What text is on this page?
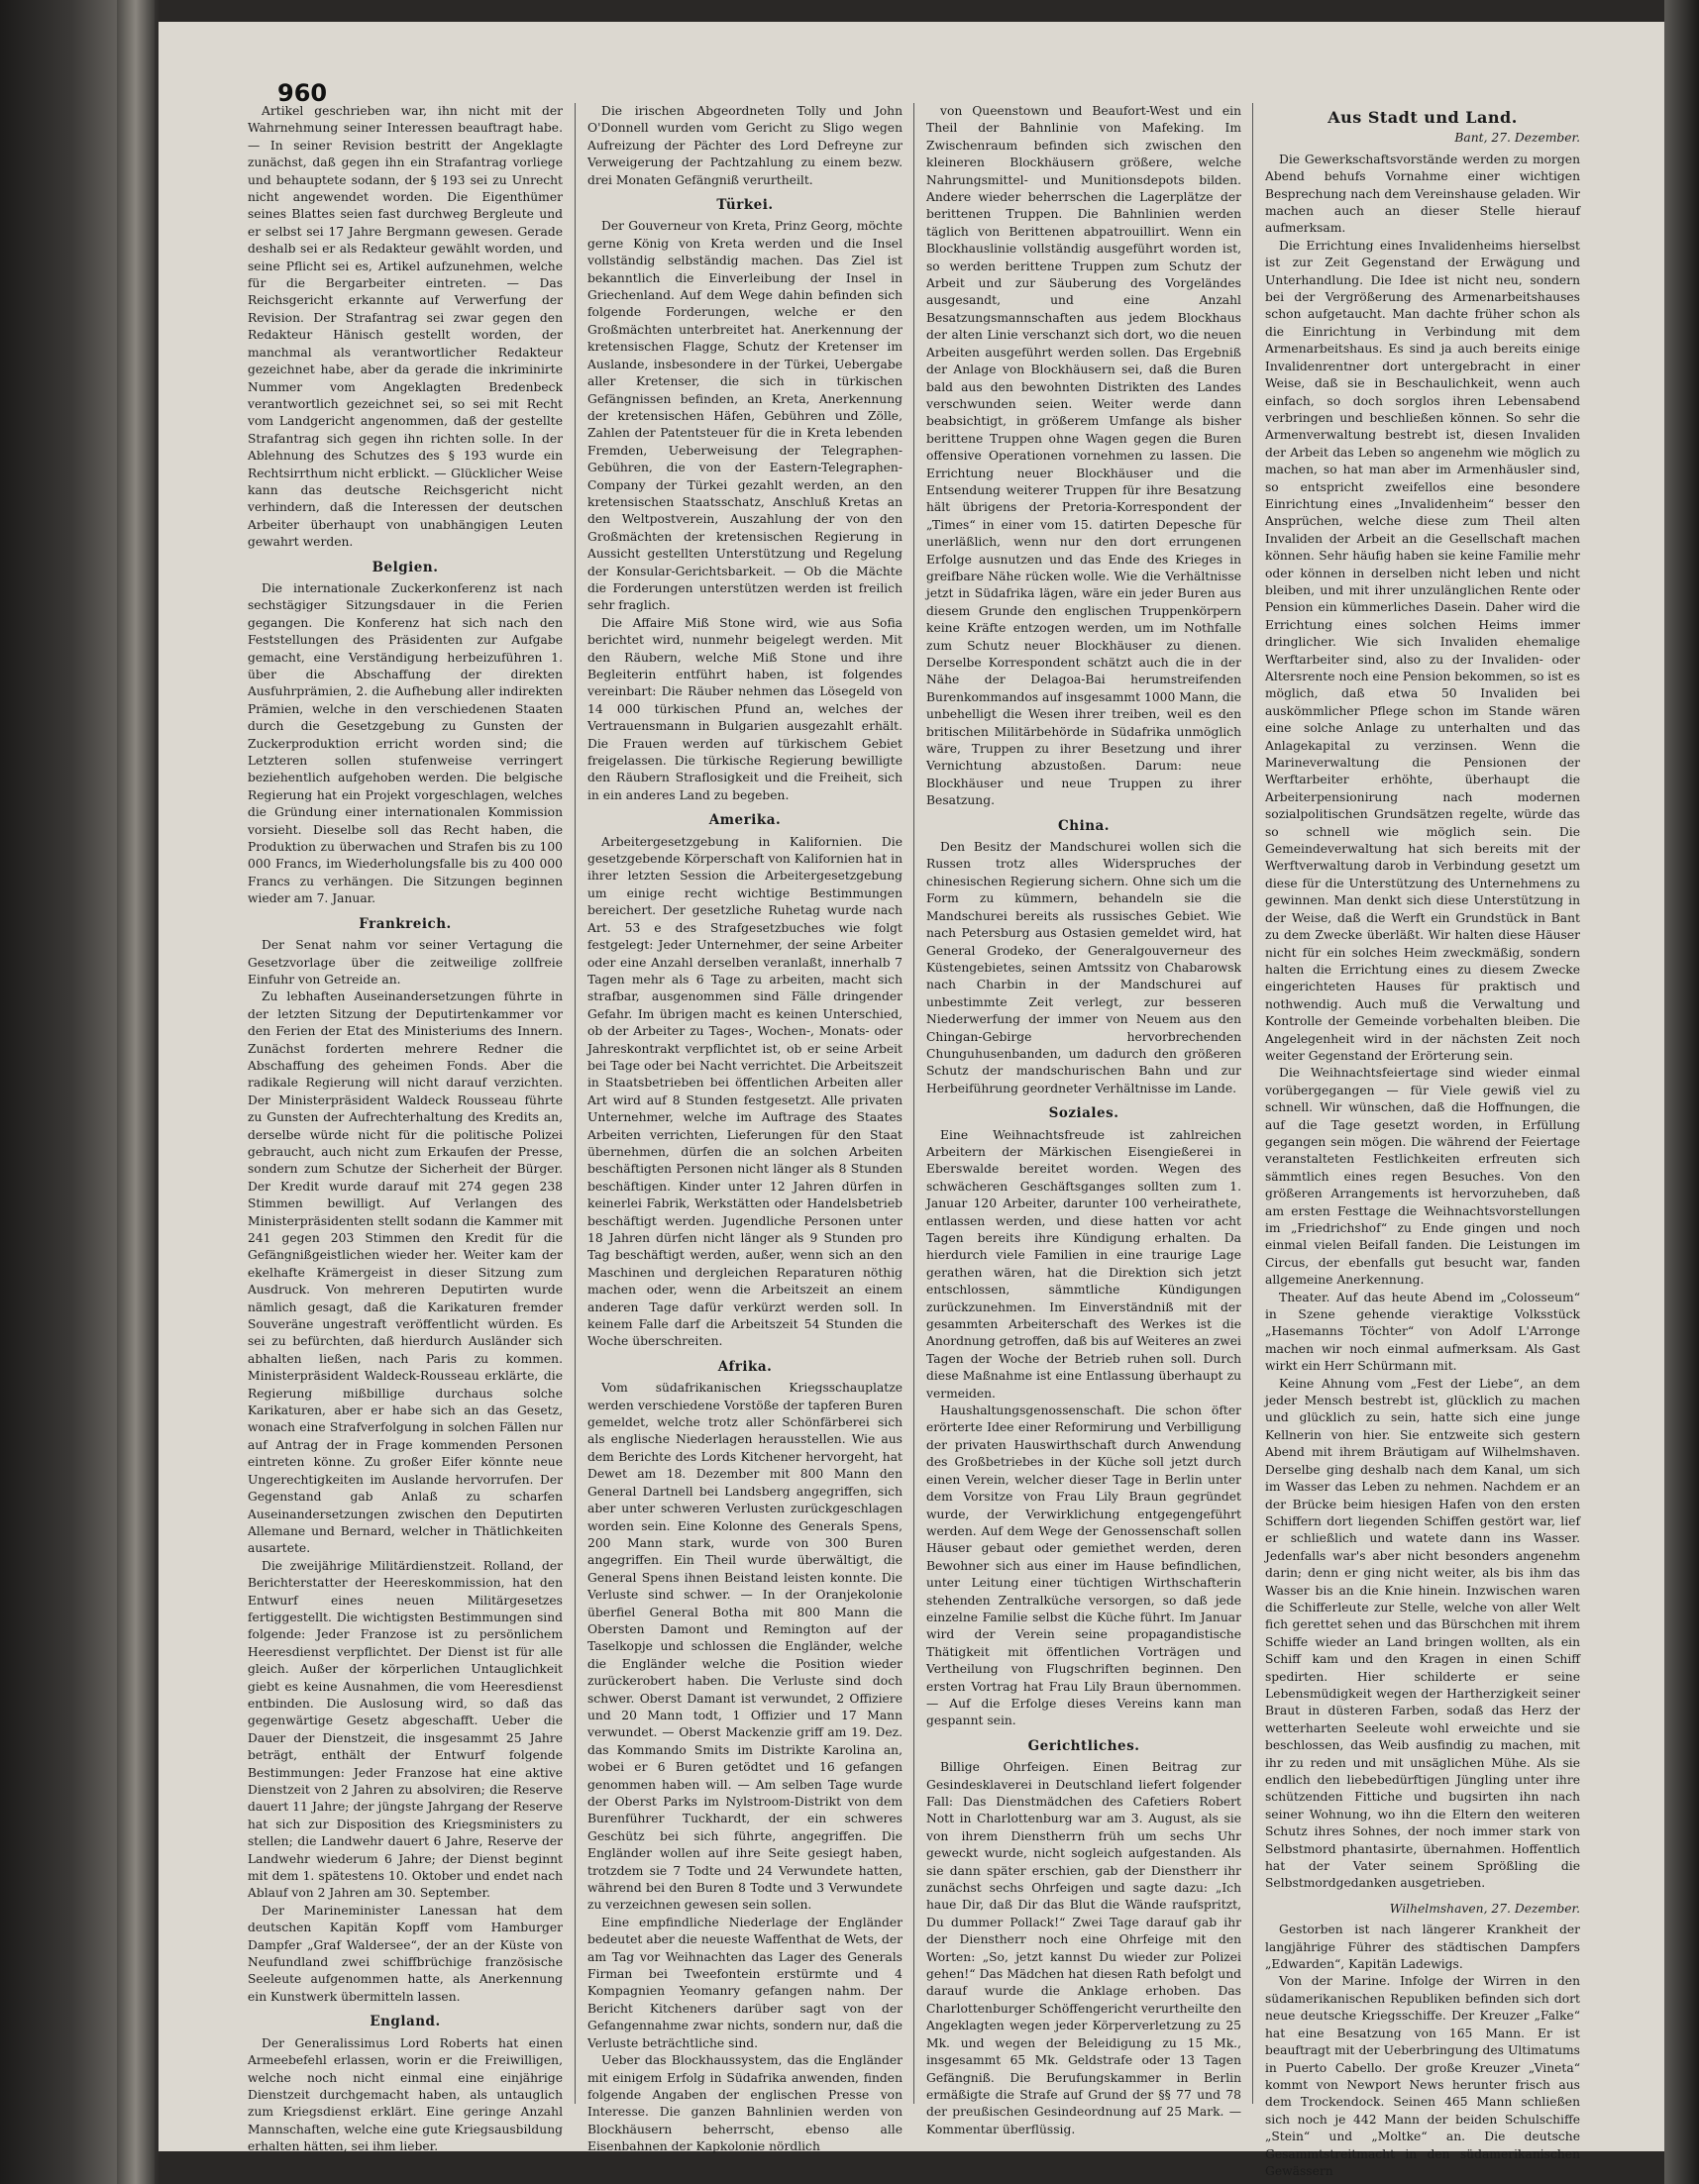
960

Artikel geschrieben war, ihn nicht mit der Wahrnehmung seiner Interessen beauftragt habe. — In seiner Revision bestritt der Angeklagte zunächst, daß gegen ihn ein Strafantrag vorliege und behauptete sodann, der § 193 sei zu Unrecht nicht angewendet worden. Die Eigenthümer seines Blattes seien fast durchweg Bergleute und er selbst sei 17 Jahre Bergmann gewesen. Gerade deshalb sei er als Redakteur gewählt worden, und seine Pflicht sei es, Artikel aufzunehmen, welche für die Bergarbeiter eintreten. — Das Reichsgericht erkannte auf Verwerfung der Revision. Der Strafantrag sei zwar gegen den Redakteur Hänisch gestellt worden, der manchmal als verantwortlicher Redakteur gezeichnet habe, aber da gerade die inkriminirte Nummer vom Angeklagten Bredenbeck verantwortlich gezeichnet sei, so sei mit Recht vom Landgericht angenommen, daß der gestellte Strafantrag sich gegen ihn richten solle. In der Ablehnung des Schutzes des § 193 wurde ein Rechtsirrthum nicht erblickt. — Glücklicher Weise kann das deutsche Reichsgericht nicht verhindern, daß die Interessen der deutschen Arbeiter überhaupt von unabhängigen Leuten gewahrt werden.

Belgien.

Die internationale Zuckerkonferenz ist nach sechstägiger Sitzungsdauer in die Ferien gegangen. Die Konferenz hat sich nach den Feststellungen des Präsidenten zur Aufgabe gemacht, eine Verständigung herbeizuführen 1. über die Abschaffung der direkten Ausfuhrprämien, 2. die Aufhebung aller indirekten Prämien, welche in den verschiedenen Staaten durch die Gesetzgebung zu Gunsten der Zuckerproduktion erricht worden sind; die Letzteren sollen stufenweise verringert beziehentlich aufgehoben werden. Die belgische Regierung hat ein Projekt vorgeschlagen, welches die Gründung einer internationalen Kommission vorsieht. Dieselbe soll das Recht haben, die Produktion zu überwachen und Strafen bis zu 100 000 Francs, im Wiederholungsfalle bis zu 400 000 Francs zu verhängen. Die Sitzungen beginnen wieder am 7. Januar.

Frankreich.

Der Senat nahm vor seiner Vertagung die Gesetzvorlage über die zeitweilige zollfreie Einfuhr von Getreide an.

Zu lebhaften Auseinandersetzungen führte in der letzten Sitzung der Deputirtenkammer vor den Ferien der Etat des Ministeriums des Innern. Zunächst forderten mehrere Redner die Abschaffung des geheimen Fonds. Aber die radikale Regierung will nicht darauf verzichten. Der Ministerpräsident Waldeck Rousseau führte zu Gunsten der Aufrechterhaltung des Kredits an, derselbe würde nicht für die politische Polizei gebraucht, auch nicht zum Erkaufen der Presse, sondern zum Schutze der Sicherheit der Bürger. Der Kredit wurde darauf mit 274 gegen 238 Stimmen bewilligt. Auf Verlangen des Ministerpräsidenten stellt sodann die Kammer mit 241 gegen 203 Stimmen den Kredit für die Gefängnißgeistlichen wieder her. Weiter kam der ekelhafte Krämergeist in dieser Sitzung zum Ausdruck. Von mehreren Deputirten wurde nämlich gesagt, daß die Karikaturen fremder Souveräne ungestraft veröffentlicht würden. Es sei zu befürchten, daß hierdurch Ausländer sich abhalten ließen, nach Paris zu kommen. Ministerpräsident Waldeck-Rousseau erklärte, die Regierung mißbillige durchaus solche Karikaturen, aber er habe sich an das Gesetz, wonach eine Strafverfolgung in solchen Fällen nur auf Antrag der in Frage kommenden Personen eintreten könne. Zu großer Eifer könnte neue Ungerechtigkeiten im Auslande hervorrufen. Der Gegenstand gab Anlaß zu scharfen Auseinandersetzungen zwischen den Deputirten Allemane und Bernard, welcher in Thätlichkeiten ausartete.

Die zweijährige Militärdienstzeit. Rolland, der Berichterstatter der Heereskommission, hat den Entwurf eines neuen Militärgesetzes fertiggestellt. Die wichtigsten Bestimmungen sind folgende: Jeder Franzose ist zu persönlichem Heeresdienst verpflichtet. Der Dienst ist für alle gleich. Außer der körperlichen Untauglichkeit giebt es keine Ausnahmen, die vom Heeresdienst entbinden. Die Auslosung wird, so daß das gegenwärtige Gesetz abgeschafft. Ueber die Dauer der Dienstzeit, die insgesammt 25 Jahre beträgt, enthält der Entwurf folgende Bestimmungen: Jeder Franzose hat eine aktive Dienstzeit von 2 Jahren zu absolviren; die Reserve dauert 11 Jahre; der jüngste Jahrgang der Reserve hat sich zur Disposition des Kriegsministers zu stellen; die Landwehr dauert 6 Jahre, Reserve der Landwehr wiederum 6 Jahre; der Dienst beginnt mit dem 1. spätestens 10. Oktober und endet nach Ablauf von 2 Jahren am 30. September.

Der Marineminister Lanessan hat dem deutschen Kapitän Kopff vom Hamburger Dampfer „Graf Waldersee“, der an der Küste von Neufundland zwei schiffbrüchige französische Seeleute aufgenommen hatte, als Anerkennung ein Kunstwerk übermitteln lassen.

England.

Der Generalissimus Lord Roberts hat einen Armeebefehl erlassen, worin er die Freiwilligen, welche noch nicht einmal eine einjährige Dienstzeit durchgemacht haben, als untauglich zum Kriegsdienst erklärt. Eine geringe Anzahl Mannschaften, welche eine gute Kriegsausbildung erhalten hätten, sei ihm lieber.

Die irischen Abgeordneten Tolly und John O'Donnell wurden vom Gericht zu Sligo wegen Aufreizung der Pächter des Lord Defreyne zur Verweigerung der Pachtzahlung zu einem bezw. drei Monaten Gefängniß verurtheilt.

Türkei.

Der Gouverneur von Kreta, Prinz Georg, möchte gerne König von Kreta werden und die Insel vollständig selbständig machen. Das Ziel ist bekanntlich die Einverleibung der Insel in Griechenland. Auf dem Wege dahin befinden sich folgende Forderungen, welche er den Großmächten unterbreitet hat. Anerkennung der kretensischen Flagge, Schutz der Kretenser im Auslande, insbesondere in der Türkei, Uebergabe aller Kretenser, die sich in türkischen Gefängnissen befinden, an Kreta, Anerkennung der kretensischen Häfen, Gebühren und Zölle, Zahlen der Patentsteuer für die in Kreta lebenden Fremden, Ueberweisung der Telegraphen-Gebühren, die von der Eastern-Telegraphen-Company der Türkei gezahlt werden, an den kretensischen Staatsschatz, Anschluß Kretas an den Weltpostverein, Auszahlung der von den Großmächten der kretensischen Regierung in Aussicht gestellten Unterstützung und Regelung der Konsular-Gerichtsbarkeit. — Ob die Mächte die Forderungen unterstützen werden ist freilich sehr fraglich.

Die Affaire Miß Stone wird, wie aus Sofia berichtet wird, nunmehr beigelegt werden. Mit den Räubern, welche Miß Stone und ihre Begleiterin entführt haben, ist folgendes vereinbart: Die Räuber nehmen das Lösegeld von 14 000 türkischen Pfund an, welches der Vertrauensmann in Bulgarien ausgezahlt erhält. Die Frauen werden auf türkischem Gebiet freigelassen. Die türkische Regierung bewilligte den Räubern Straflosigkeit und die Freiheit, sich in ein anderes Land zu begeben.

Amerika.

Arbeitergesetzgebung in Kalifornien. Die gesetzgebende Körperschaft von Kalifornien hat in ihrer letzten Session die Arbeitergesetzgebung um einige recht wichtige Bestimmungen bereichert. Der gesetzliche Ruhetag wurde nach Art. 53 e des Strafgesetzbuches wie folgt festgelegt: Jeder Unternehmer, der seine Arbeiter oder eine Anzahl derselben veranlaßt, innerhalb 7 Tagen mehr als 6 Tage zu arbeiten, macht sich strafbar, ausgenommen sind Fälle dringender Gefahr. Im übrigen macht es keinen Unterschied, ob der Arbeiter zu Tages-, Wochen-, Monats- oder Jahreskontrakt verpflichtet ist, ob er seine Arbeit bei Tage oder bei Nacht verrichtet. Die Arbeitszeit in Staatsbetrieben bei öffentlichen Arbeiten aller Art wird auf 8 Stunden festgesetzt. Alle privaten Unternehmer, welche im Auftrage des Staates Arbeiten verrichten, Lieferungen für den Staat übernehmen, dürfen die an solchen Arbeiten beschäftigten Personen nicht länger als 8 Stunden beschäftigen. Kinder unter 12 Jahren dürfen in keinerlei Fabrik, Werkstätten oder Handelsbetrieb beschäftigt werden. Jugendliche Personen unter 18 Jahren dürfen nicht länger als 9 Stunden pro Tag beschäftigt werden, außer, wenn sich an den Maschinen und dergleichen Reparaturen nöthig machen oder, wenn die Arbeitszeit an einem anderen Tage dafür verkürzt werden soll. In keinem Falle darf die Arbeitszeit 54 Stunden die Woche überschreiten.

Afrika.

Vom südafrikanischen Kriegsschauplatze werden verschiedene Vorstöße der tapferen Buren gemeldet, welche trotz aller Schönfärberei sich als englische Niederlagen herausstellen. Wie aus dem Berichte des Lords Kitchener hervorgeht, hat Dewet am 18. Dezember mit 800 Mann den General Dartnell bei Landsberg angegriffen, sich aber unter schweren Verlusten zurückgeschlagen worden sein. Eine Kolonne des Generals Spens, 200 Mann stark, wurde von 300 Buren angegriffen. Ein Theil wurde überwältigt, die General Spens ihnen Beistand leisten konnte. Die Verluste sind schwer. — In der Oranjekolonie überfiel General Botha mit 800 Mann die Obersten Damont und Remington auf der Taselkopje und schlossen die Engländer, welche die Engländer welche die Position wieder zurückerobert haben. Die Verluste sind doch schwer. Oberst Damant ist verwundet, 2 Offiziere und 20 Mann todt, 1 Offizier und 17 Mann verwundet. — Oberst Mackenzie griff am 19. Dez. das Kommando Smits im Distrikte Karolina an, wobei er 6 Buren getödtet und 16 gefangen genommen haben will. — Am selben Tage wurde der Oberst Parks im Nylstroom-Distrikt von dem Burenführer Tuckhardt, der ein schweres Geschütz bei sich führte, angegriffen. Die Engländer wollen auf ihre Seite gesiegt haben, trotzdem sie 7 Todte und 24 Verwundete hatten, während bei den Buren 8 Todte und 3 Verwundete zu verzeichnen gewesen sein sollen.

Eine empfindliche Niederlage der Engländer bedeutet aber die neueste Waffenthat de Wets, der am Tag vor Weihnachten das Lager des Generals Firman bei Tweefontein erstürmte und 4 Kompagnien Yeomanry gefangen nahm. Der Bericht Kitcheners darüber sagt von der Gefangennahme zwar nichts, sondern nur, daß die Verluste beträchtliche sind.

Ueber das Blockhaussystem, das die Engländer mit einigem Erfolg in Südafrika anwenden, finden folgende Angaben der englischen Presse von Interesse. Die ganzen Bahnlinien werden von Blockhäusern beherrscht, ebenso alle Eisenbahnen der Kapkolonie nördlich

von Queenstown und Beaufort-West und ein Theil der Bahnlinie von Mafeking. Im Zwischenraum befinden sich zwischen den kleineren Blockhäusern größere, welche Nahrungsmittel- und Munitionsdepots bilden. Andere wieder beherrschen die Lagerplätze der berittenen Truppen. Die Bahnlinien werden täglich von Berittenen abpatrouillirt. Wenn ein Blockhauslinie vollständig ausgeführt worden ist, so werden berittene Truppen zum Schutz der Arbeit und zur Säuberung des Vorgeländes ausgesandt, und eine Anzahl Besatzungsmannschaften aus jedem Blockhaus der alten Linie verschanzt sich dort, wo die neuen Arbeiten ausgeführt werden sollen. Das Ergebniß der Anlage von Blockhäusern sei, daß die Buren bald aus den bewohnten Distrikten des Landes verschwunden seien. Weiter werde dann beabsichtigt, in größerem Umfange als bisher berittene Truppen ohne Wagen gegen die Buren offensive Operationen vornehmen zu lassen. Die Errichtung neuer Blockhäuser und die Entsendung weiterer Truppen für ihre Besatzung hält übrigens der Pretoria-Korrespondent der „Times“ in einer vom 15. datirten Depesche für unerläßlich, wenn nur den dort errungenen Erfolge ausnutzen und das Ende des Krieges in greifbare Nähe rücken wolle. Wie die Verhältnisse jetzt in Südafrika lägen, wäre ein jeder Buren aus diesem Grunde den englischen Truppenkörpern keine Kräfte entzogen werden, um im Nothfalle zum Schutz neuer Blockhäuser zu dienen. Derselbe Korrespondent schätzt auch die in der Nähe der Delagoa-Bai herumstreifenden Burenkommandos auf insgesammt 1000 Mann, die unbehelligt die Wesen ihrer treiben, weil es den britischen Militärbehörde in Südafrika unmöglich wäre, Truppen zu ihrer Besetzung und ihrer Vernichtung abzustoßen. Darum: neue Blockhäuser und neue Truppen zu ihrer Besatzung.

China.

Den Besitz der Mandschurei wollen sich die Russen trotz alles Widerspruches der chinesischen Regierung sichern. Ohne sich um die Form zu kümmern, behandeln sie die Mandschurei bereits als russisches Gebiet. Wie nach Petersburg aus Ostasien gemeldet wird, hat General Grodeko, der Generalgouverneur des Küstengebietes, seinen Amtssitz von Chabarowsk nach Charbin in der Mandschurei auf unbestimmte Zeit verlegt, zur besseren Niederwerfung der immer von Neuem aus den Chingan-Gebirge hervorbrechenden Chunguhusenbanden, um dadurch den größeren Schutz der mandschurischen Bahn und zur Herbeiführung geordneter Verhältnisse im Lande.

Soziales.

Eine Weihnachtsfreude ist zahlreichen Arbeitern der Märkischen Eisengießerei in Eberswalde bereitet worden. Wegen des schwächeren Geschäftsganges sollten zum 1. Januar 120 Arbeiter, darunter 100 verheirathete, entlassen werden, und diese hatten vor acht Tagen bereits ihre Kündigung erhalten. Da hierdurch viele Familien in eine traurige Lage gerathen wären, hat die Direktion sich jetzt entschlossen, sämmtliche Kündigungen zurückzunehmen. Im Einverständniß mit der gesammten Arbeiterschaft des Werkes ist die Anordnung getroffen, daß bis auf Weiteres an zwei Tagen der Woche der Betrieb ruhen soll. Durch diese Maßnahme ist eine Entlassung überhaupt zu vermeiden.

Haushaltungsgenossenschaft. Die schon öfter erörterte Idee einer Reformirung und Verbilligung der privaten Hauswirthschaft durch Anwendung des Großbetriebes in der Küche soll jetzt durch einen Verein, welcher dieser Tage in Berlin unter dem Vorsitze von Frau Lily Braun gegründet wurde, der Verwirklichung entgegengeführt werden. Auf dem Wege der Genossenschaft sollen Häuser gebaut oder gemiethet werden, deren Bewohner sich aus einer im Hause befindlichen, unter Leitung einer tüchtigen Wirthschafterin stehenden Zentralküche versorgen, so daß jede einzelne Familie selbst die Küche führt. Im Januar wird der Verein seine propagandistische Thätigkeit mit öffentlichen Vorträgen und Vertheilung von Flugschriften beginnen. Den ersten Vortrag hat Frau Lily Braun übernommen. — Auf die Erfolge dieses Vereins kann man gespannt sein.

Gerichtliches.

Billige Ohrfeigen. Einen Beitrag zur Gesindesklaverei in Deutschland liefert folgender Fall: Das Dienstmädchen des Cafetiers Robert Nott in Charlottenburg war am 3. August, als sie von ihrem Dienstherrn früh um sechs Uhr geweckt wurde, nicht sogleich aufgestanden. Als sie dann später erschien, gab der Dienstherr ihr zunächst sechs Ohrfeigen und sagte dazu: „Ich haue Dir, daß Dir das Blut die Wände raufspritzt, Du dummer Pollack!“ Zwei Tage darauf gab ihr der Dienstherr noch eine Ohrfeige mit den Worten: „So, jetzt kannst Du wieder zur Polizei gehen!“ Das Mädchen hat diesen Rath befolgt und darauf wurde die Anklage erhoben. Das Charlottenburger Schöffengericht verurtheilte den Angeklagten wegen jeder Körperverletzung zu 25 Mk. und wegen der Beleidigung zu 15 Mk., insgesammt 65 Mk. Geldstrafe oder 13 Tagen Gefängniß. Die Berufungskammer in Berlin ermäßigte die Strafe auf Grund der §§ 77 und 78 der preußischen Gesindeordnung auf 25 Mark. — Kommentar überflüssig.

Aus Stadt und Land.
Bant, 27. Dezember.

Die Gewerkschaftsvorstände werden zu morgen Abend behufs Vornahme einer wichtigen Besprechung nach dem Vereinshause geladen. Wir machen auch an dieser Stelle hierauf aufmerksam.

Die Errichtung eines Invalidenheims hierselbst ist zur Zeit Gegenstand der Erwägung und Unterhandlung. Die Idee ist nicht neu, sondern bei der Vergrößerung des Armenarbeitshauses schon aufgetaucht. Man dachte früher schon als die Einrichtung in Verbindung mit dem Armenarbeitshaus. Es sind ja auch bereits einige Invalidenrentner dort untergebracht in einer Weise, daß sie in Beschaulichkeit, wenn auch einfach, so doch sorglos ihren Lebensabend verbringen und beschließen können. So sehr die Armenverwaltung bestrebt ist, diesen Invaliden der Arbeit das Leben so angenehm wie möglich zu machen, so hat man aber im Armenhäusler sind, so entspricht zweifellos eine besondere Einrichtung eines „Invalidenheim“ besser den Ansprüchen, welche diese zum Theil alten Invaliden der Arbeit an die Gesellschaft machen können. Sehr häufig haben sie keine Familie mehr oder können in derselben nicht leben und nicht bleiben, und mit ihrer unzulänglichen Rente oder Pension ein kümmerliches Dasein. Daher wird die Errichtung eines solchen Heims immer dringlicher. Wie sich Invaliden ehemalige Werftarbeiter sind, also zu der Invaliden- oder Altersrente noch eine Pension bekommen, so ist es möglich, daß etwa 50 Invaliden bei auskömmlicher Pflege schon im Stande wären eine solche Anlage zu unterhalten und das Anlagekapital zu verzinsen. Wenn die Marineverwaltung die Pensionen der Werftarbeiter erhöhte, überhaupt die Arbeiterpensionirung nach modernen sozialpolitischen Grundsätzen regelte, würde das so schnell wie möglich sein. Die Gemeindeverwaltung hat sich bereits mit der Werftverwaltung darob in Verbindung gesetzt um diese für die Unterstützung des Unternehmens zu gewinnen. Man denkt sich diese Unterstützung in der Weise, daß die Werft ein Grundstück in Bant zu dem Zwecke überläßt. Wir halten diese Häuser nicht für ein solches Heim zweckmäßig, sondern halten die Errichtung eines zu diesem Zwecke eingerichteten Hauses für praktisch und nothwendig. Auch muß die Verwaltung und Kontrolle der Gemeinde vorbehalten bleiben. Die Angelegenheit wird in der nächsten Zeit noch weiter Gegenstand der Erörterung sein.

Die Weihnachtsfeiertage sind wieder einmal vorübergegangen — für Viele gewiß viel zu schnell. Wir wünschen, daß die Hoffnungen, die auf die Tage gesetzt worden, in Erfüllung gegangen sein mögen. Die während der Feiertage veranstalteten Festlichkeiten erfreuten sich sämmtlich eines regen Besuches. Von den größeren Arrangements ist hervorzuheben, daß am ersten Festtage die Weihnachtsvorstellungen im „Friedrichshof“ zu Ende gingen und noch einmal vielen Beifall fanden. Die Leistungen im Circus, der ebenfalls gut besucht war, fanden allgemeine Anerkennung.

Theater. Auf das heute Abend im „Colosseum“ in Szene gehende vieraktige Volksstück „Hasemanns Töchter“ von Adolf L'Arronge machen wir noch einmal aufmerksam. Als Gast wirkt ein Herr Schürmann mit.

Keine Ahnung vom „Fest der Liebe“, an dem jeder Mensch bestrebt ist, glücklich zu machen und glücklich zu sein, hatte sich eine junge Kellnerin von hier. Sie entzweite sich gestern Abend mit ihrem Bräutigam auf Wilhelmshaven. Derselbe ging deshalb nach dem Kanal, um sich im Wasser das Leben zu nehmen. Nachdem er an der Brücke beim hiesigen Hafen von den ersten Schiffern dort liegenden Schiffen gestört war, lief er schließlich und watete dann ins Wasser. Jedenfalls war's aber nicht besonders angenehm darin; denn er ging nicht weiter, als bis ihm das Wasser bis an die Knie hinein. Inzwischen waren die Schifferleute zur Stelle, welche von aller Welt fich gerettet sehen und das Bürschchen mit ihrem Schiffe wieder an Land bringen wollten, als ein Schiff kam und den Kragen in einen Schiff spedirten. Hier schilderte er seine Lebensmüdigkeit wegen der Hartherzigkeit seiner Braut in düsteren Farben, sodaß das Herz der wetterharten Seeleute wohl erweichte und sie beschlossen, das Weib ausfindig zu machen, mit ihr zu reden und mit unsäglichen Mühe. Als sie endlich den liebebedürftigen Jüngling unter ihre schützenden Fittiche und bugsirten ihn nach seiner Wohnung, wo ihn die Eltern den weiteren Schutz ihres Sohnes, der noch immer stark von Selbstmord phantasirte, übernahmen. Hoffentlich hat der Vater seinem Sprößling die Selbstmordgedanken ausgetrieben.

Wilhelmshaven, 27. Dezember.

Gestorben ist nach längerer Krankheit der langjährige Führer des städtischen Dampfers „Edwarden“, Kapitän Ladewigs.

Von der Marine. Infolge der Wirren in den südamerikanischen Republiken befinden sich dort neue deutsche Kriegsschiffe. Der Kreuzer „Falke“ hat eine Besatzung von 165 Mann. Er ist beauftragt mit der Ueberbringung des Ultimatums in Puerto Cabello. Der große Kreuzer „Vineta“ kommt von Newport News herunter frisch aus dem Trockendock. Seinen 465 Mann schließen sich noch je 442 Mann der beiden Schulschiffe „Stein“ und „Moltke“ an. Die deutsche Gesammtstreitmacht in den südamerikanischen Gewässern
